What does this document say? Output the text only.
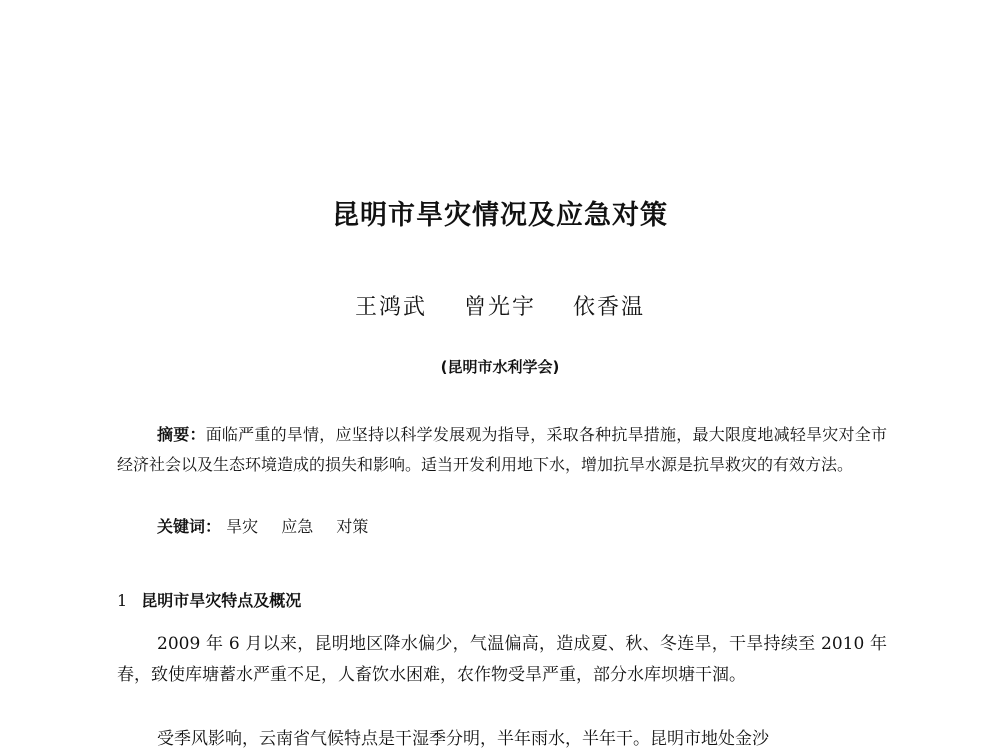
昆明市旱灾情况及应急对策
王鸿武 曾光宇 依香温
(昆明市水利学会)
摘要：面临严重的旱情，应坚持以科学发展观为指导，采取各种抗旱措施，最大限度地减轻旱灾对全市经济社会以及生态环境造成的损失和影响。适当开发利用地下水，增加抗旱水源是抗旱救灾的有效方法。
关键词： 旱灾 应急 对策
1 昆明市旱灾特点及概况
2009 年 6 月以来，昆明地区降水偏少，气温偏高，造成夏、秋、冬连旱，干旱持续至 2010 年春，致使库塘蓄水严重不足，人畜饮水困难，农作物受旱严重，部分水库坝塘干涸。
受季风影响，云南省气候特点是干湿季分明，半年雨水，半年干。昆明市地处金沙
